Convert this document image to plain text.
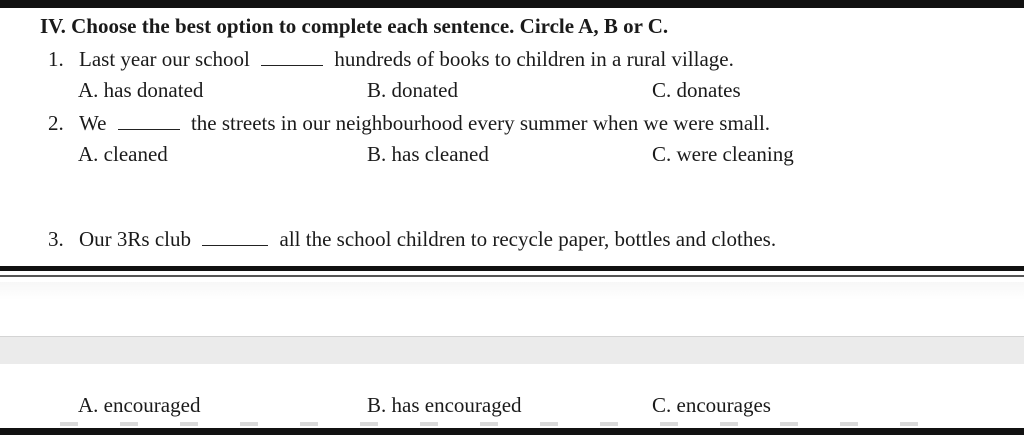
IV. Choose the best option to complete each sentence. Circle A, B or C.
1. Last year our school	hundreds of books to children in a rural village.
A. has donated	B. donated	C. donates
2. We	the streets in our neighbourhood every summer when we were small.
A. cleaned	B. has cleaned	C. were cleaning
3. Our 3Rs club	all the school children to recycle paper, bottles and clothes.
A. encouraged	B. has encouraged	C. encourages
